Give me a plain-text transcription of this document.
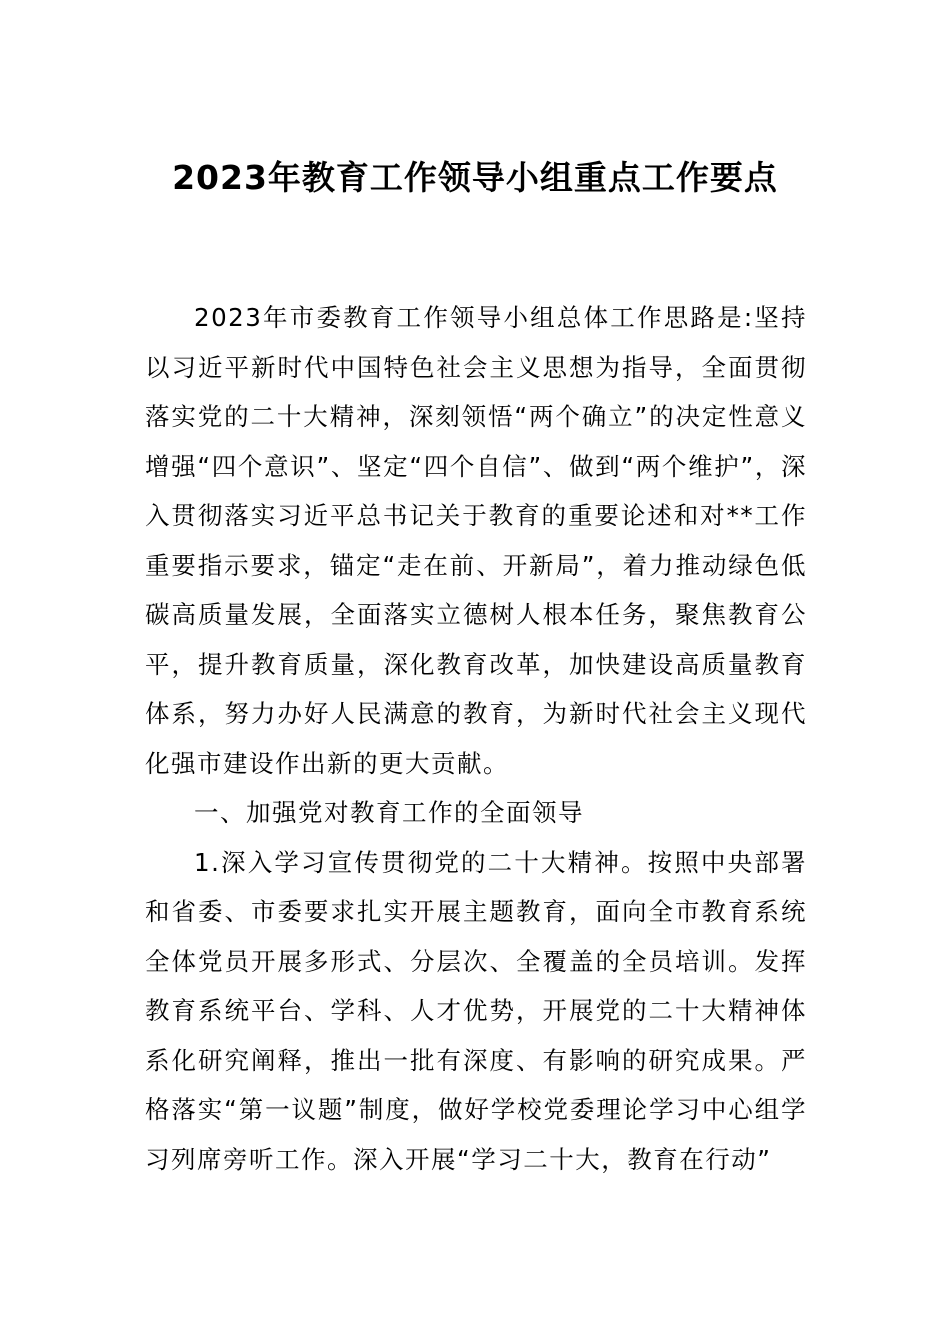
2023年教育工作领导小组重点工作要点

2023年市委教育工作领导小组总体工作思路是:坚持以习近平新时代中国特色社会主义思想为指导，全面贯彻落实党的二十大精神，深刻领悟“两个确立”的决定性意义增强“四个意识”、坚定“四个自信”、做到“两个维护”，深入贯彻落实习近平总书记关于教育的重要论述和对**工作重要指示要求，锚定“走在前、开新局”，着力推动绿色低碳高质量发展，全面落实立德树人根本任务，聚焦教育公平，提升教育质量，深化教育改革，加快建设高质量教育体系，努力办好人民满意的教育，为新时代社会主义现代化强市建设作出新的更大贡献。

一、加强党对教育工作的全面领导

1.深入学习宣传贯彻党的二十大精神。按照中央部署和省委、市委要求扎实开展主题教育，面向全市教育系统全体党员开展多形式、分层次、全覆盖的全员培训。发挥教育系统平台、学科、人才优势，开展党的二十大精神体系化研究阐释，推出一批有深度、有影响的研究成果。严格落实“第一议题”制度，做好学校党委理论学习中心组学习列席旁听工作。深入开展“学习二十大，教育在行动”
